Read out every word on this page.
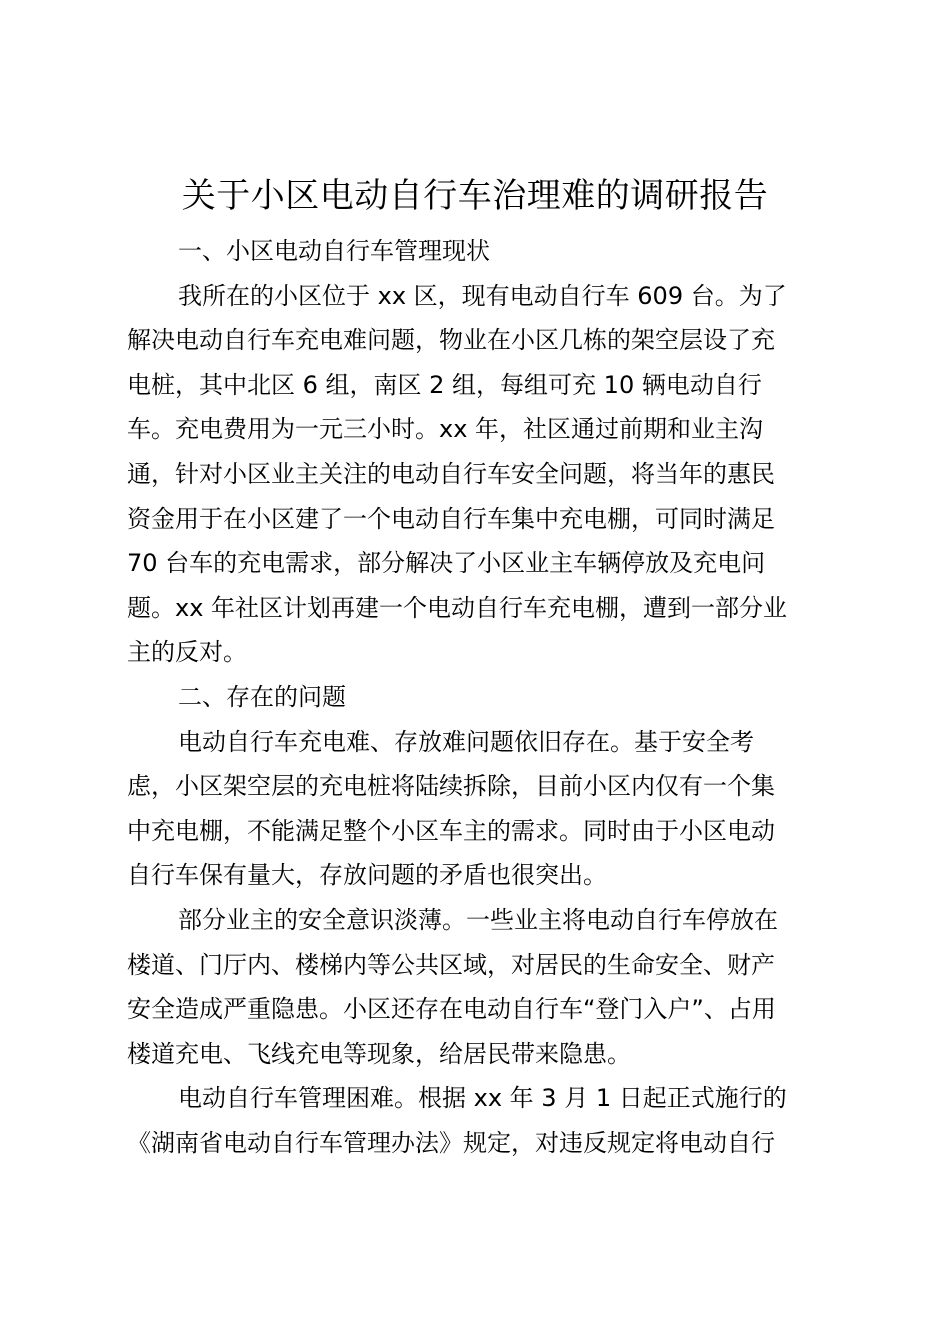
关于小区电动自行车治理难的调研报告
一、小区电动自行车管理现状
我所在的小区位于 xx 区，现有电动自行车 609 台。为了
解决电动自行车充电难问题，物业在小区几栋的架空层设了充
电桩，其中北区 6 组，南区 2 组，每组可充 10 辆电动自行
车。充电费用为一元三小时。xx 年，社区通过前期和业主沟
通，针对小区业主关注的电动自行车安全问题，将当年的惠民
资金用于在小区建了一个电动自行车集中充电棚，可同时满足
70 台车的充电需求，部分解决了小区业主车辆停放及充电问
题。xx 年社区计划再建一个电动自行车充电棚，遭到一部分业
主的反对。
二、存在的问题
电动自行车充电难、存放难问题依旧存在。基于安全考
虑，小区架空层的充电桩将陆续拆除，目前小区内仅有一个集
中充电棚，不能满足整个小区车主的需求。同时由于小区电动
自行车保有量大，存放问题的矛盾也很突出。
部分业主的安全意识淡薄。一些业主将电动自行车停放在
楼道、门厅内、楼梯内等公共区域，对居民的生命安全、财产
安全造成严重隐患。小区还存在电动自行车“登门入户”、占用
楼道充电、飞线充电等现象，给居民带来隐患。
电动自行车管理困难。根据 xx 年 3 月 1 日起正式施行的
《湖南省电动自行车管理办法》规定，对违反规定将电动自行
